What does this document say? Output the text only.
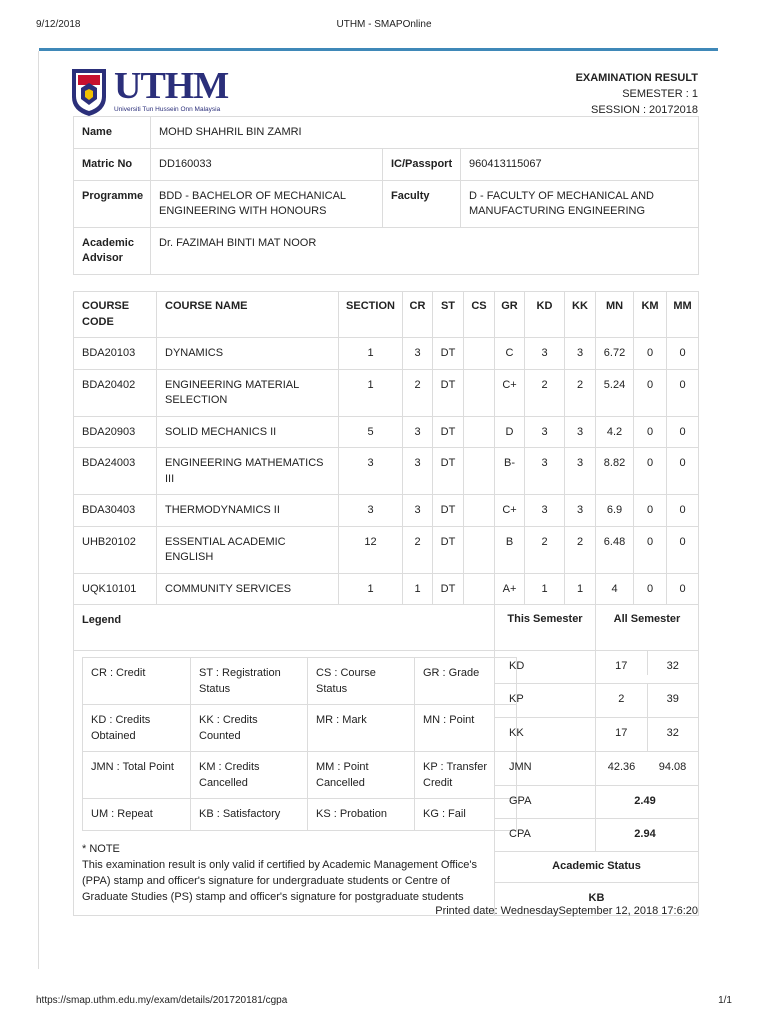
9/12/2018	UTHM - SMAPOnline
UTHM
Universiti Tun Hussein Onn Malaysia
EXAMINATION RESULT
SEMESTER : 1
SESSION : 20172018
Name	MOHD SHAHRIL BIN ZAMRI		
Matric No	DD160033	IC/Passport	960413115067
Programme	BDD - BACHELOR OF MECHANICAL ENGINEERING WITH HONOURS	Faculty	D - FACULTY OF MECHANICAL AND MANUFACTURING ENGINEERING
Academic Advisor	Dr. FAZIMAH BINTI MAT NOOR		
COURSE CODE	COURSE NAME	SECTION	CR	ST	CS	GR	KD	KK	MN	KM	MM
BDA20103	DYNAMICS	1	3	DT		C	3	3	6.72	0	0
BDA20402	ENGINEERING MATERIAL SELECTION	1	2	DT		C+	2	2	5.24	0	0
BDA20903	SOLID MECHANICS II	5	3	DT		D	3	3	4.2	0	0
BDA24003	ENGINEERING MATHEMATICS III	3	3	DT		B-	3	3	8.82	0	0
BDA30403	THERMODYNAMICS II	3	3	DT		C+	3	3	6.9	0	0
UHB20102	ESSENTIAL ACADEMIC ENGLISH	12	2	DT		B	2	2	6.48	0	0
UQK10101	COMMUNITY SERVICES	1	1	DT		A+	1	1	4	0	0
Legend	This Semester	All Semester

CR : Credit	ST : Registration Status	CS : Course Status	GR : Grade
KD : Credits Obtained	KK : Credits Counted	MR : Mark	MN : Point
JMN : Total Point	KM : Credits Cancelled	MM : Point Cancelled	KP : Transfer Credit
UM : Repeat	KB : Satisfactory	KS : Probation	KG : Fail
* NOTE
This examination result is only valid if certified by Academic Management Office's (PPA) stamp and officer's signature for undergraduate students or Centre of Graduate Studies (PS) stamp and officer's signature for postgraduate students
	KD	17	32

KP	2	39

KK	17	32

JMN	42.36	94.08

GPA	2.49
CPA	2.94
Academic Status
KB

Printed date: WednesdaySeptember 12, 2018 17:6:20
https://smap.uthm.edu.my/exam/details/201720181/cgpa	1/1
